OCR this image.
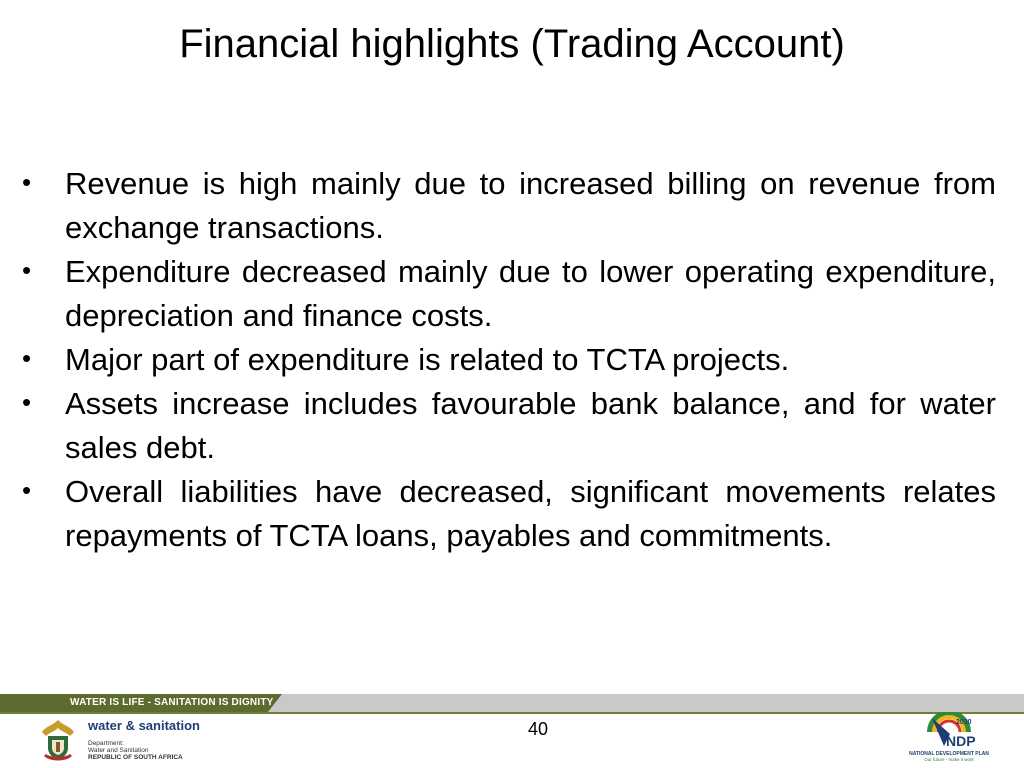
Financial highlights (Trading Account)
• Revenue is high mainly due to increased billing on revenue from exchange transactions.
• Expenditure decreased mainly due to lower operating expenditure, depreciation and finance costs.
• Major part of expenditure is related to TCTA projects.
• Assets increase includes favourable bank balance, and for water sales debt.
• Overall liabilities have decreased, significant movements relates repayments of TCTA loans, payables and commitments.
WATER IS LIFE - SANITATION IS DIGNITY
40
water & sanitation
Department:
Water and Sanitation
REPUBLIC OF SOUTH AFRICA
2030
NDP
NATIONAL DEVELOPMENT PLAN
Our future - make it work
